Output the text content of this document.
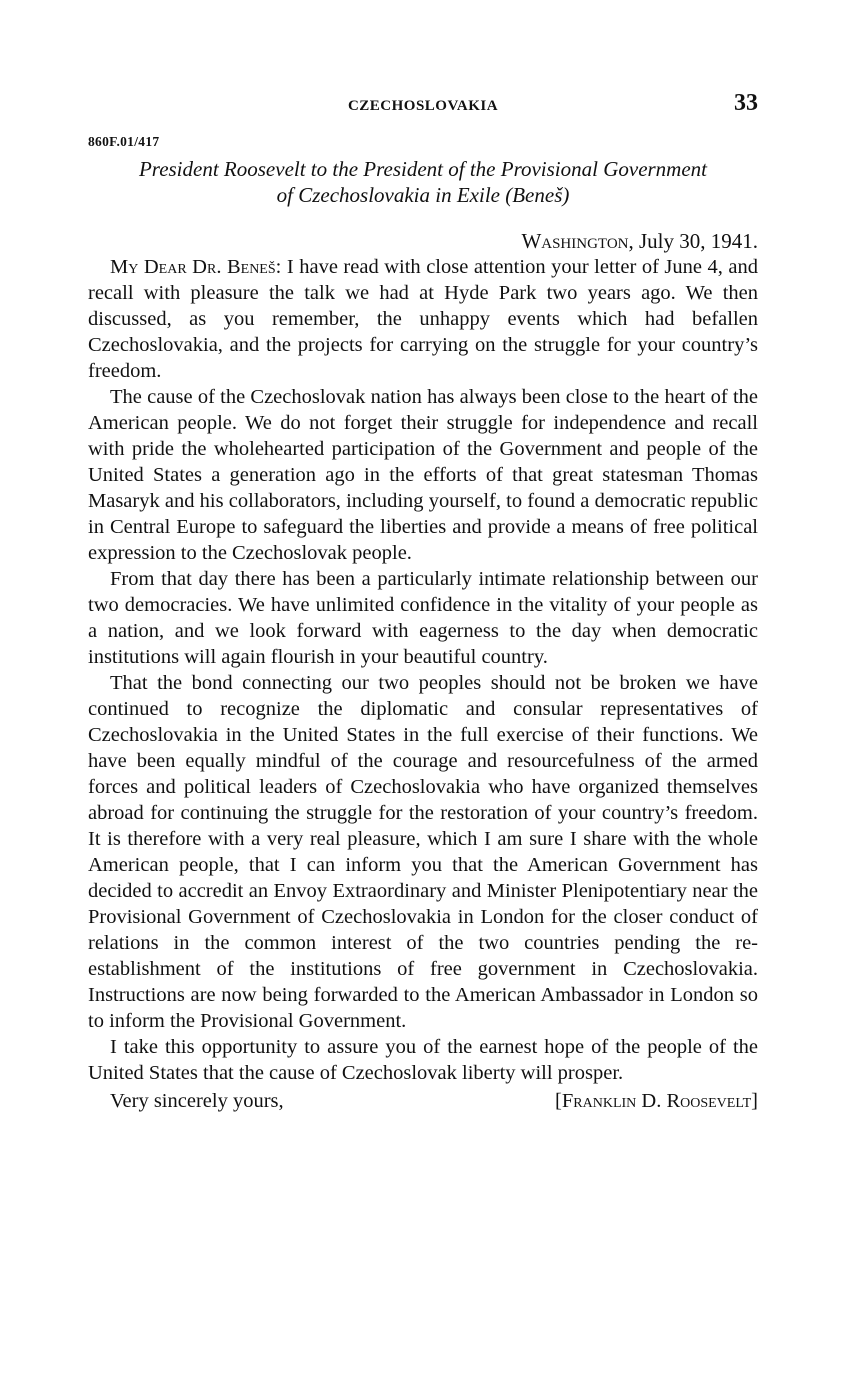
CZECHOSLOVAKIA	33
860F.01/417
President Roosevelt to the President of the Provisional Government
of Czechoslovakia in Exile (Beneš)
Washington, July 30, 1941.

My Dear Dr. Beneš: I have read with close attention your letter of June 4, and recall with pleasure the talk we had at Hyde Park two years ago. We then discussed, as you remember, the unhappy events which had befallen Czechoslovakia, and the projects for carrying on the struggle for your country’s freedom.

The cause of the Czechoslovak nation has always been close to the heart of the American people. We do not forget their struggle for independence and recall with pride the wholehearted participation of the Government and people of the United States a generation ago in the efforts of that great statesman Thomas Masaryk and his collaborators, including yourself, to found a democratic republic in Central Europe to safeguard the liberties and provide a means of free political expression to the Czechoslovak people.

From that day there has been a particularly intimate relationship between our two democracies. We have unlimited confidence in the vitality of your people as a nation, and we look forward with eagerness to the day when democratic institutions will again flourish in your beautiful country.

That the bond connecting our two peoples should not be broken we have continued to recognize the diplomatic and consular representatives of Czechoslovakia in the United States in the full exercise of their functions. We have been equally mindful of the courage and resourcefulness of the armed forces and political leaders of Czechoslovakia who have organized themselves abroad for continuing the struggle for the restoration of your country’s freedom. It is therefore with a very real pleasure, which I am sure I share with the whole American people, that I can inform you that the American Government has decided to accredit an Envoy Extraordinary and Minister Plenipotentiary near the Provisional Government of Czechoslovakia in London for the closer conduct of relations in the common interest of the two countries pending the re-establishment of the institutions of free government in Czechoslovakia. Instructions are now being forwarded to the American Ambassador in London so to inform the Provisional Government.

I take this opportunity to assure you of the earnest hope of the people of the United States that the cause of Czechoslovak liberty will prosper.

Very sincerely yours,	[Franklin D. Roosevelt]
